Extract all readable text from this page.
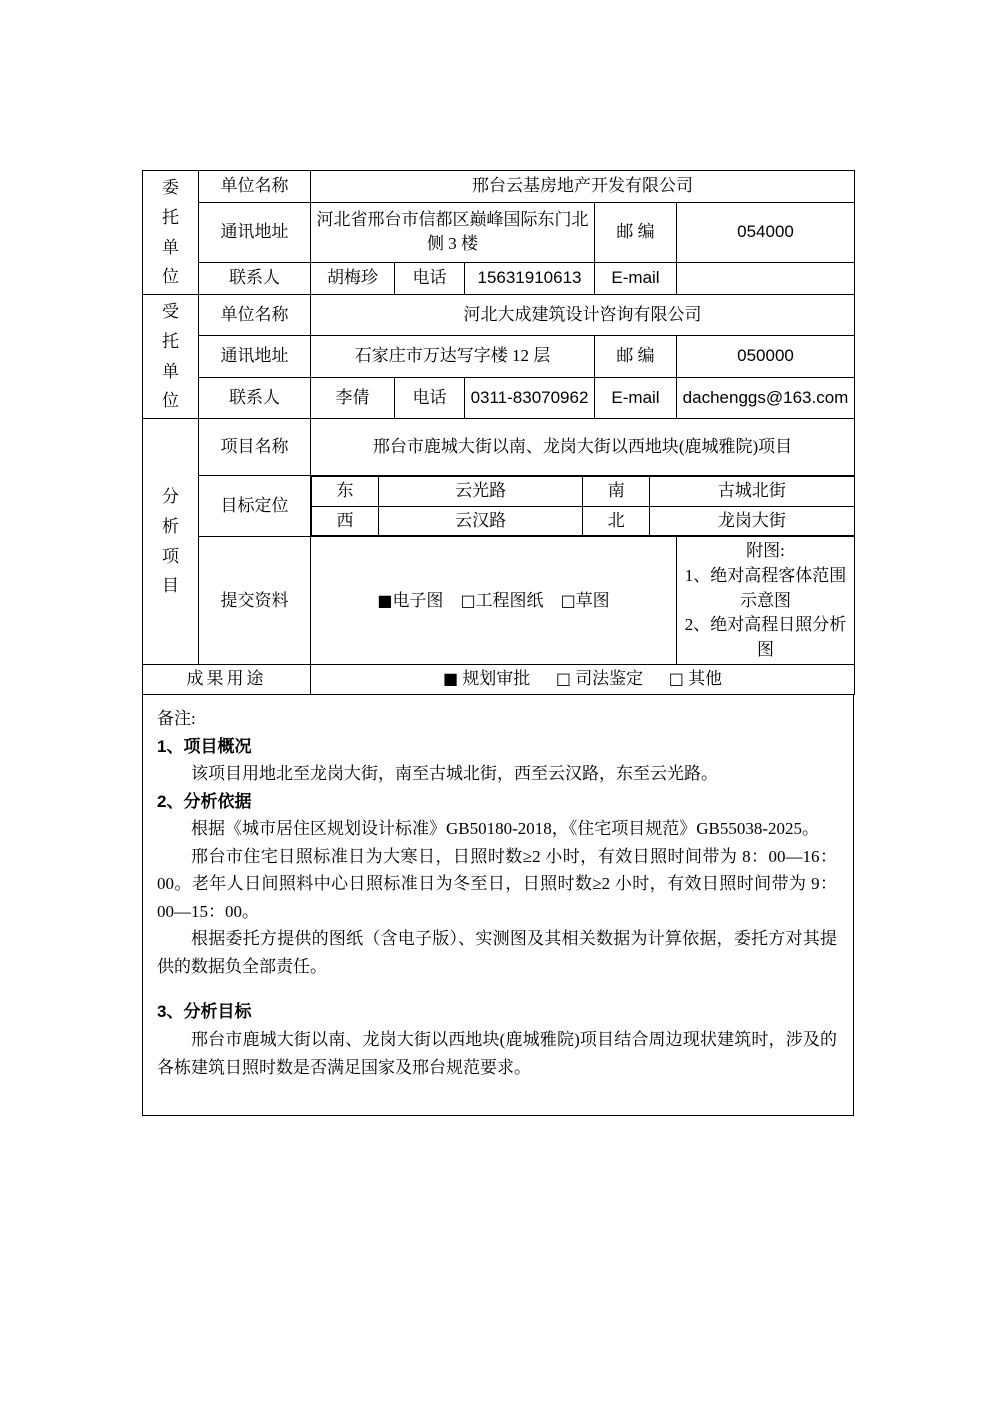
委
托
单
位
	单位名称	邢台云基房地产开发有限公司
通讯地址	河北省邢台市信都区巅峰国际东门北侧 3 楼	邮 编	054000
联系人	胡梅珍	电话	15631910613	E-mail	

受
托
单
位
	单位名称	河北大成建筑设计咨询有限公司
通讯地址	石家庄市万达写字楼 12 层	邮 编	050000
联系人	李倩	电话	0311-83070962	E-mail	dachenggs@163.com

分
析
项
目
	项目名称	邢台市鹿城大街以南、龙岗大街以西地块(鹿城雅院)项目
目标定位	
东	云光路	南	古城北街
西	云汉路	北	龙岗大街

提交资料	■电子图 □工程图纸 □草图	
附图:
1、绝对高程客体范围示意图
2、绝对高程日照分析图

成果用途	■ 规划审批 □ 司法鉴定 □ 其他

备注:

1、项目概况

该项目用地北至龙岗大街，南至古城北街，西至云汉路，东至云光路。

2、分析依据

根据《城市居住区规划设计标准》GB50180-2018，《住宅项目规范》GB55038-2025。

邢台市住宅日照标准日为大寒日，日照时数≥2 小时，有效日照时间带为 8：00—16：00。老年人日间照料中心日照标准日为冬至日，日照时数≥2 小时，有效日照时间带为 9：00—15：00。

根据委托方提供的图纸（含电子版）、实测图及其相关数据为计算依据，委托方对其提供的数据负全部责任。

3、分析目标

邢台市鹿城大街以南、龙岗大街以西地块(鹿城雅院)项目结合周边现状建筑时，涉及的各栋建筑日照时数是否满足国家及邢台规范要求。
